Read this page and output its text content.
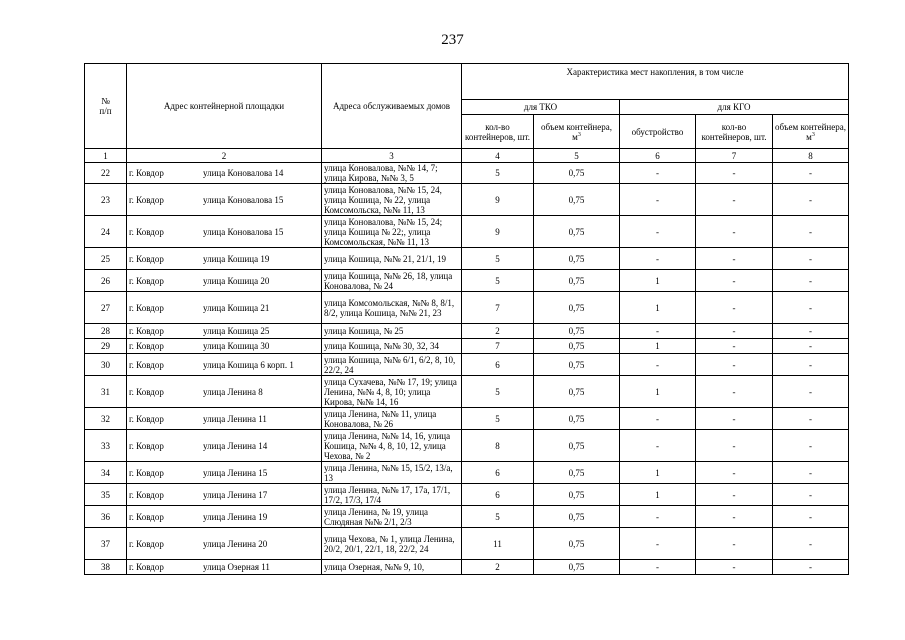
237
№
п/п	Адрес контейнерной площадки	Адреса обслуживаемых домов	Характеристика мест накопления, в том числе				
			для ТКО		для КГО		
			кол-во контейнеров, шт.	объем контейнера, $м^3$	обустройство	кол-во контейнеров, шт.	объем контейнера, $м^3$
1	2	3	4	5	6	7	8
22	г. Ковдор улица Коновалова 14	улица Коновалова, №№ 14, 7; улица Кирова, №№ 3, 5	5	0,75	-	-	-
23	г. Ковдор улица Коновалова 15	улица Коновалова, №№ 15, 24, улица Кошица, № 22, улица Комсомольска, №№ 11, 13	9	0,75	-	-	-
24	г. Ковдор улица Коновалова 15	улица Коновалова, №№ 15, 24; улица Кошица № 22;, улица Комсомольская, №№ 11, 13	9	0,75	-	-	-
25	г. Ковдор улица Кошица 19	улица Кошица, №№ 21, 21/1, 19	5	0,75	-	-	-
26	г. Ковдор улица Кошица 20	улица Кошица, №№ 26, 18, улица Коновалова, № 24	5	0,75	1	-	-
27	г. Ковдор улица Кошица 21	улица Комсомольская, №№ 8, 8/1, 8/2, улица Кошица, №№ 21, 23	7	0,75	1	-	-
28	г. Ковдор улица Кошица 25	улица Кошица, № 25	2	0,75	-	-	-
29	г. Ковдор улица Кошица 30	улица Кошица, №№ 30, 32, 34	7	0,75	1	-	-
30	г. Ковдор улица Кошица 6 корп. 1	улица Кошица, №№ 6/1, 6/2, 8, 10, 22/2, 24	6	0,75	-	-	-
31	г. Ковдор улица Ленина 8	улица Сухачева, №№ 17, 19; улица Ленина, №№ 4, 8, 10; улица Кирова, №№ 14, 16	5	0,75	1	-	-
32	г. Ковдор улица Ленина 11	улица Ленина, №№ 11, улица Коновалова, № 26	5	0,75	-	-	-
33	г. Ковдор улица Ленина 14	улица Ленина, №№ 14, 16, улица Кошица, №№ 4, 8, 10, 12, улица Чехова, № 2	8	0,75	-	-	-
34	г. Ковдор улица Ленина 15	улица Ленина, №№ 15, 15/2, 13/а, 13	6	0,75	1	-	-
35	г. Ковдор улица Ленина 17	улица Ленина, №№ 17, 17а, 17/1, 17/2, 17/3, 17/4	6	0,75	1	-	-
36	г. Ковдор улица Ленина 19	улица Ленина, № 19, улица Слюдяная №№ 2/1, 2/3	5	0,75	-	-	-
37	г. Ковдор улица Ленина 20	улица Чехова, № 1, улица Ленина, 20/2, 20/1, 22/1, 18, 22/2, 24	11	0,75	-	-	-
38	г. Ковдор улица Озерная 11	улица Озерная, №№ 9, 10,	2	0,75	-	-	-
